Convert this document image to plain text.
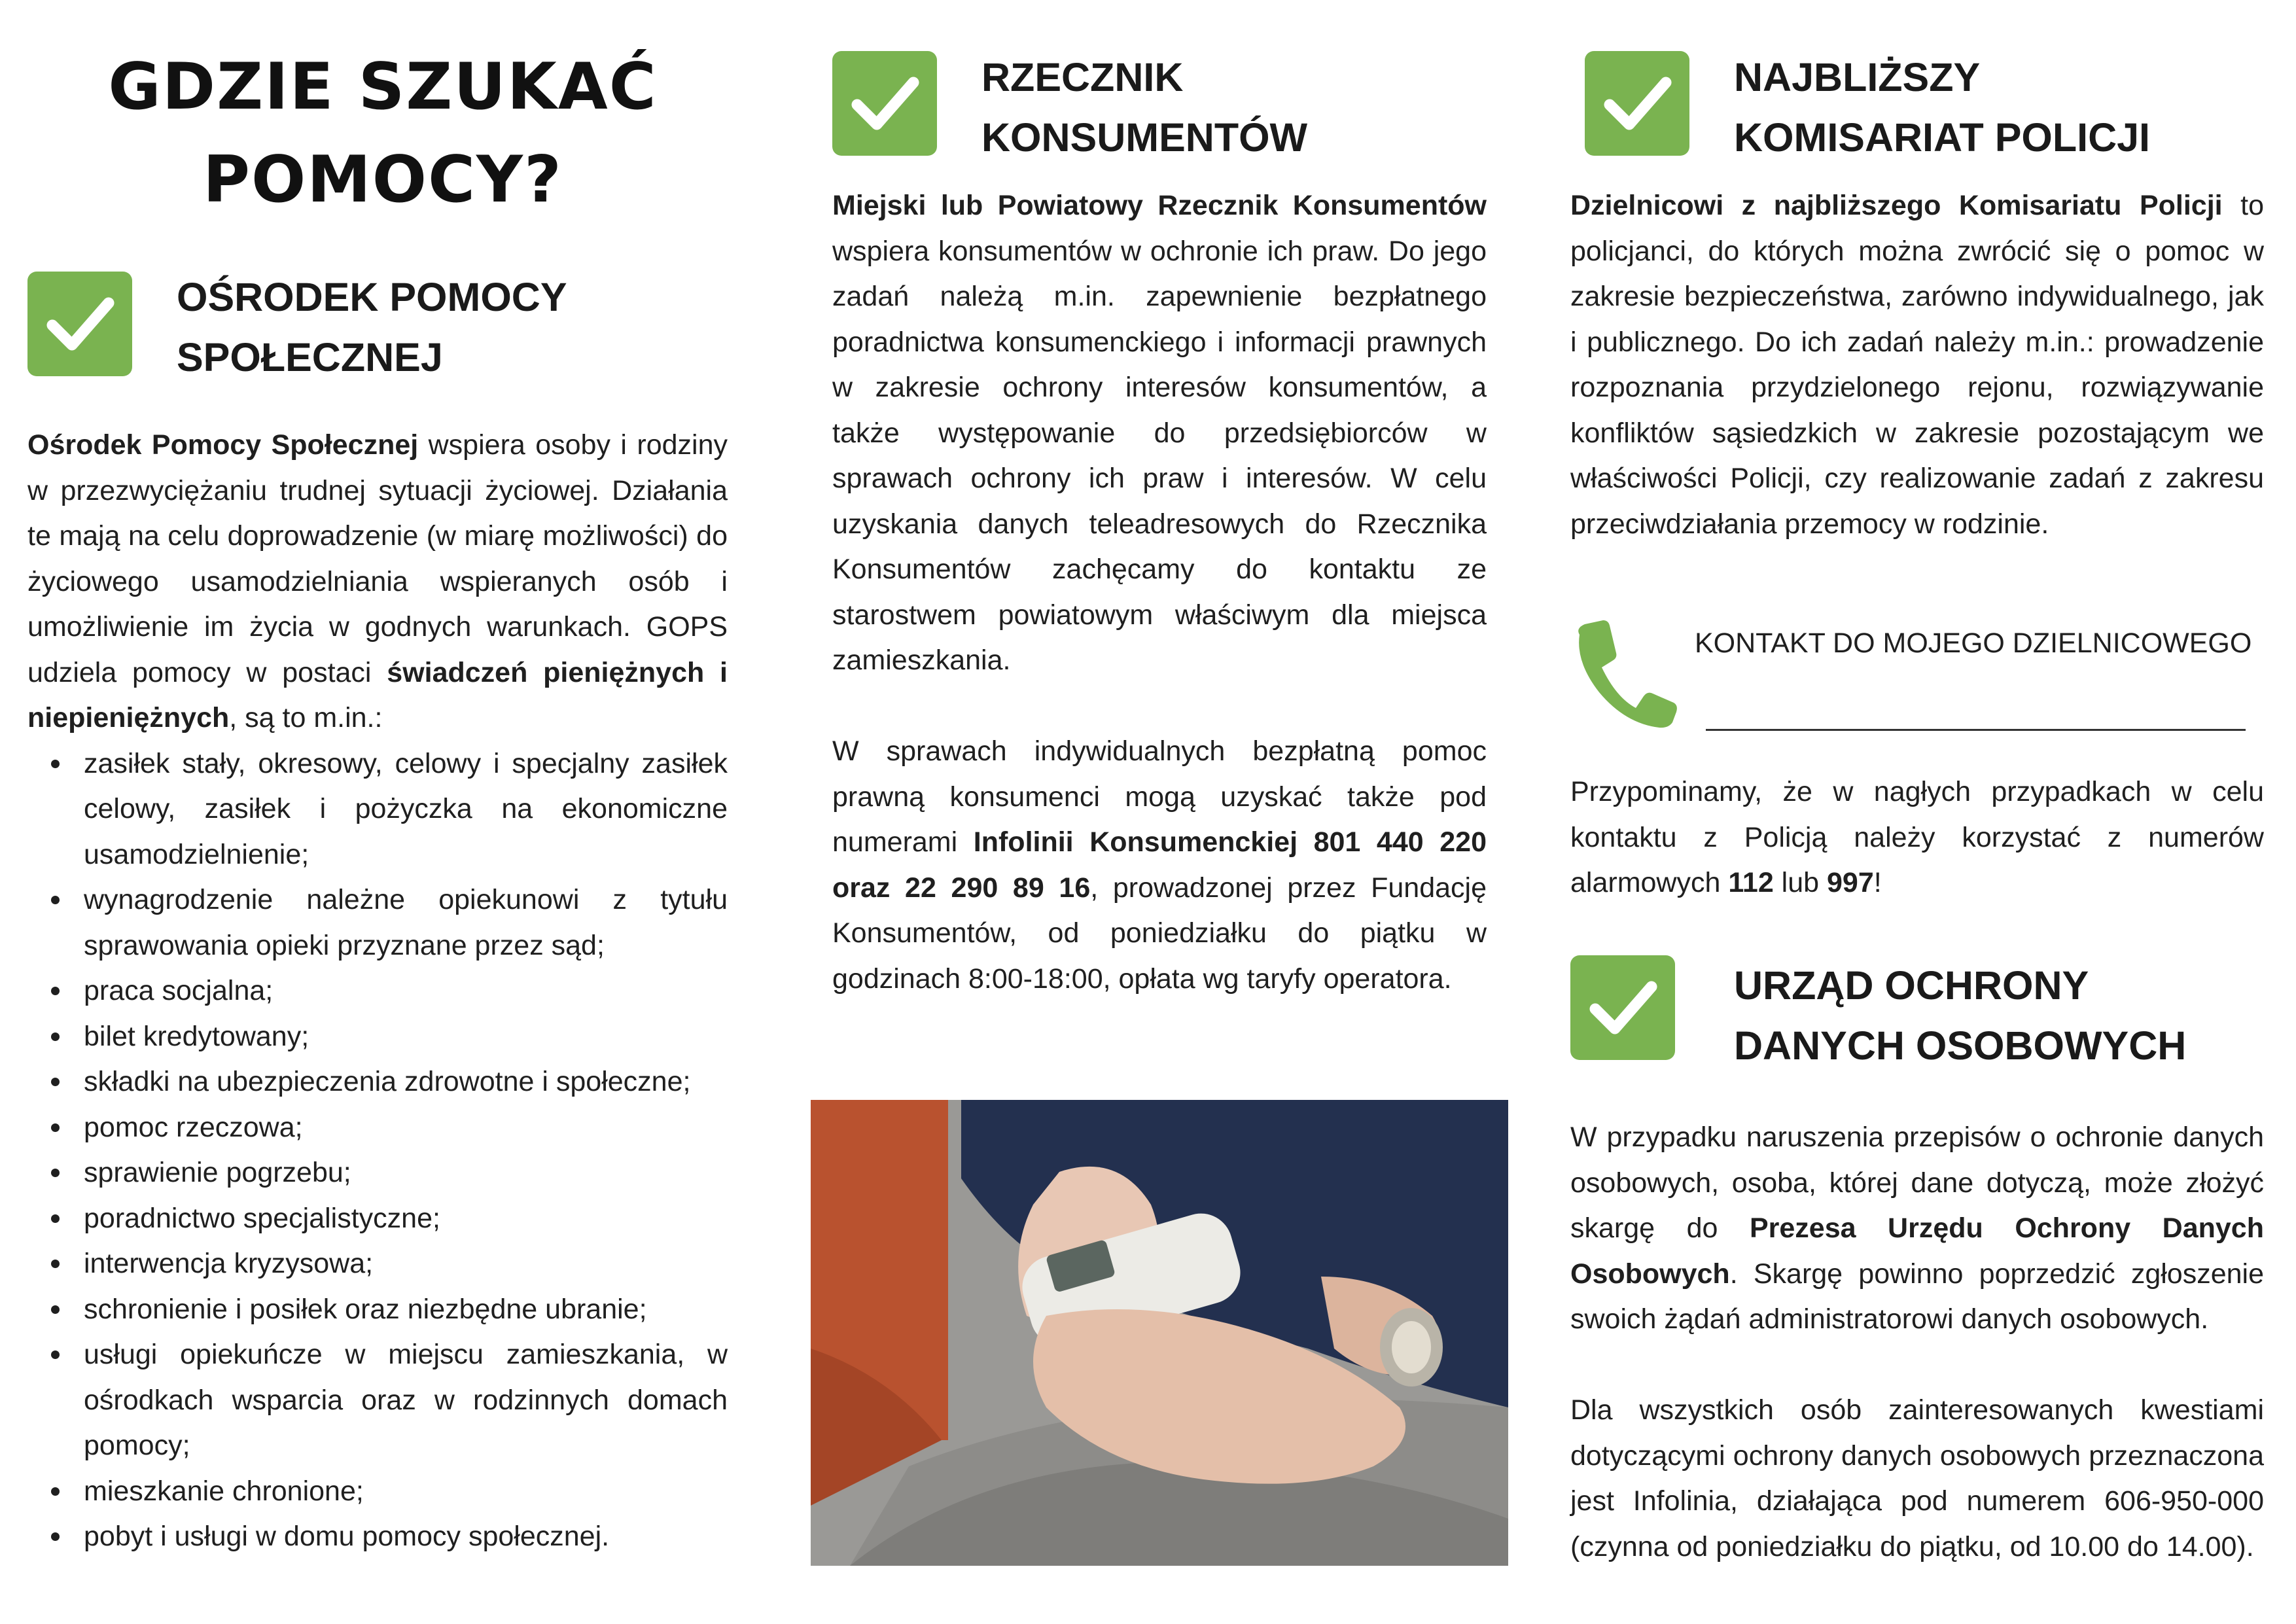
GDZIE SZUKAĆ
POMOCY?
OŚRODEK POMOCY
SPOŁECZNEJ

Ośrodek Pomocy Społecznej wspiera osoby i rodziny w przezwyciężaniu trudnej sytuacji życiowej. Działania te mają na celu doprowadzenie (w miarę możliwości) do życiowego usamodzielniania wspieranych osób i umożliwienie im życia w godnych warunkach. GOPS udziela pomocy w postaci świadczeń pieniężnych i niepieniężnych, są to m.in.:

zasiłek stały, okresowy, celowy i specjalny zasiłek celowy, zasiłek i pożyczka na ekonomiczne usamodzielnienie;
wynagrodzenie należne opiekunowi z tytułu sprawowania opieki przyznane przez sąd;
praca socjalna;
bilet kredytowany;
składki na ubezpieczenia zdrowotne i społeczne;
pomoc rzeczowa;
sprawienie pogrzebu;
poradnictwo specjalistyczne;
interwencja kryzysowa;
schronienie i posiłek oraz niezbędne ubranie;
usługi opiekuńcze w miejscu zamieszkania, w ośrodkach wsparcia oraz w rodzinnych domach pomocy;
mieszkanie chronione;
pobyt i usługi w domu pomocy społecznej.
RZECZNIK
KONSUMENTÓW

Miejski lub Powiatowy Rzecznik Konsumentów wspiera konsumentów w ochronie ich praw. Do jego zadań należą m.in. zapewnienie bezpłatnego poradnictwa konsumenckiego i informacji prawnych w zakresie ochrony interesów konsumentów, a także występowanie do przedsiębiorców w sprawach ochrony ich praw i interesów. W celu uzyskania danych teleadresowych do Rzecznika Konsumentów zachęcamy do kontaktu ze starostwem powiatowym właściwym dla miejsca zamieszkania.

W sprawach indywidualnych bezpłatną pomoc prawną konsumenci mogą uzyskać także pod numerami Infolinii Konsumenckiej 801 440 220 oraz 22 290 89 16, prowadzonej przez Fundację Konsumentów, od poniedziałku do piątku w godzinach 8:00-18:00, opłata wg taryfy operatora.

NAJBLIŻSZY
KOMISARIAT POLICJI

Dzielnicowi z najbliższego Komisariatu Policji to policjanci, do których można zwrócić się o pomoc w zakresie bezpieczeństwa, zarówno indywidualnego, jak i publicznego. Do ich zadań należy m.in.: prowadzenie rozpoznania przydzielonego rejonu, rozwiązywanie konfliktów sąsiedzkich w zakresie pozostającym we właściwości Policji, czy realizowanie zadań z zakresu przeciwdziałania przemocy w rodzinie.

KONTAKT DO MOJEGO DZIELNICOWEGO

Przypominamy, że w nagłych przypadkach w celu kontaktu z Policją należy korzystać z numerów alarmowych 112 lub 997!

URZĄD OCHRONY
DANYCH OSOBOWYCH

W przypadku naruszenia przepisów o ochronie danych osobowych, osoba, której dane dotyczą, może złożyć skargę do Prezesa Urzędu Ochrony Danych Osobowych. Skargę powinno poprzedzić zgłoszenie swoich żądań administratorowi danych osobowych.

Dla wszystkich osób zainteresowanych kwestiami dotyczącymi ochrony danych osobowych przeznaczona jest Infolinia, działająca pod numerem 606-950-000 (czynna od poniedziałku do piątku, od 10.00 do 14.00).
